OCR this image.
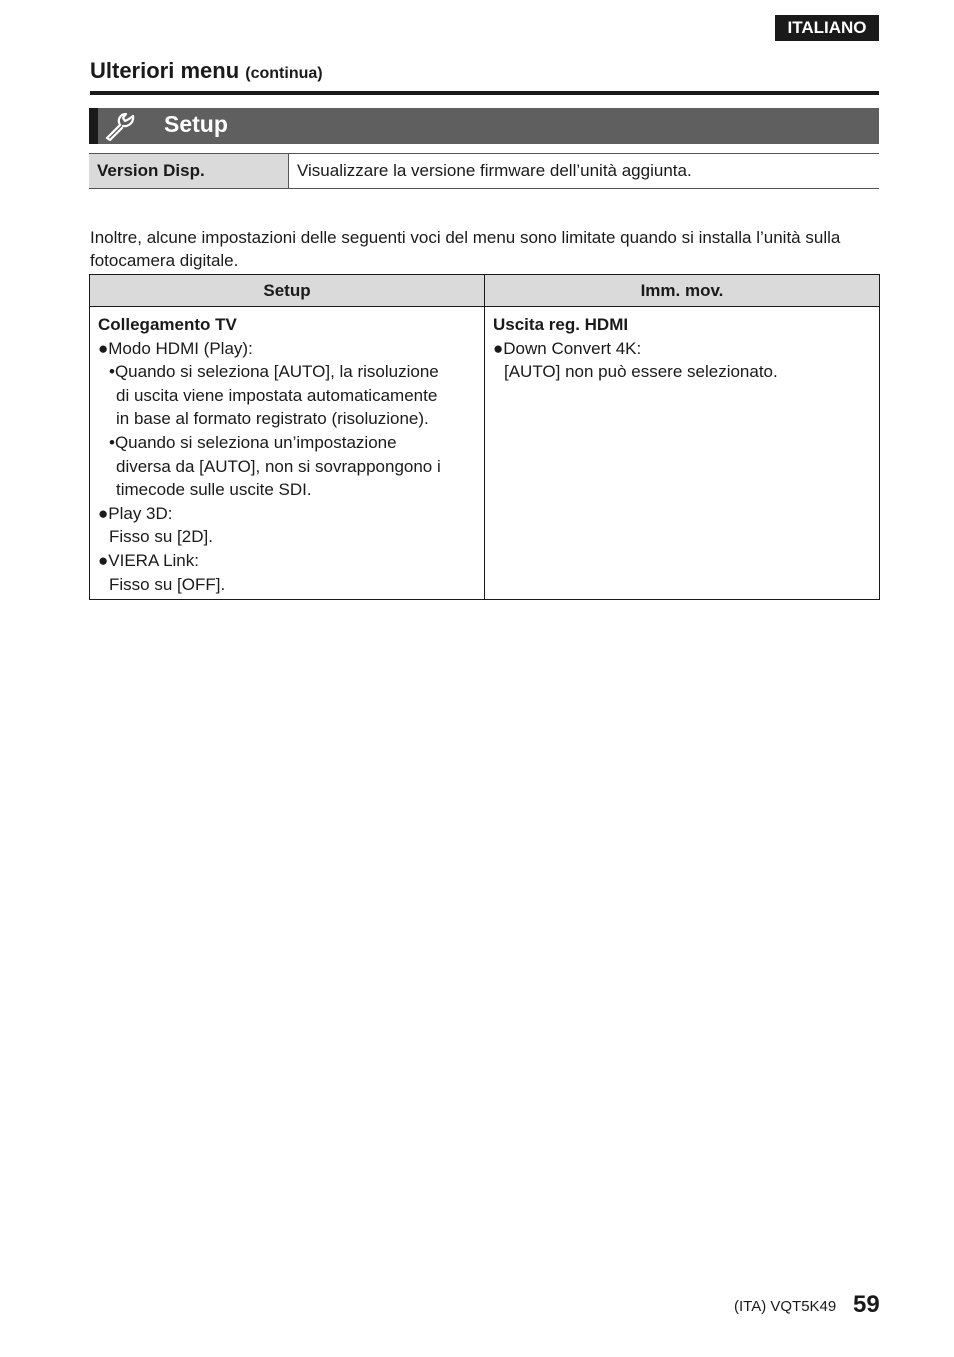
ITALIANO
Ulteriori menu (continua)
Setup
Version Disp.	Visualizzare la versione firmware dell’unità aggiunta.
Inoltre, alcune impostazioni delle seguenti voci del menu sono limitate quando si installa l’unità sulla fotocamera digitale.
Setup	Imm. mov.
Collegamento TV
●Modo HDMI (Play):
•Quando si seleziona [AUTO], la risoluzione
di uscita viene impostata automaticamente
in base al formato registrato (risoluzione).
•Quando si seleziona un’impostazione
diversa da [AUTO], non si sovrappongono i
timecode sulle uscite SDI.
●Play 3D:
Fisso su [2D].
●VIERA Link:
Fisso su [OFF].
Uscita reg. HDMI
●Down Convert 4K:
[AUTO] non può essere selezionato.
(ITA) VQT5K49 59
